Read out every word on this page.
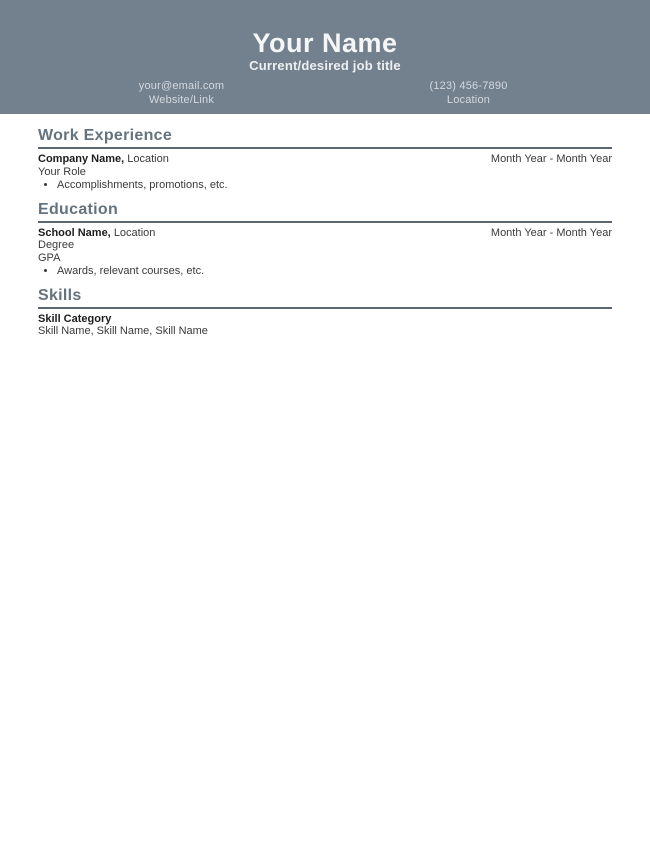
Your Name
Current/desired job title
your@email.com
Website/Link
(123) 456-7890
Location
Work Experience
Company Name, Location	Month Year - Month Year
Your Role
• Accomplishments, promotions, etc.
Education
School Name, Location	Month Year - Month Year
Degree
GPA
• Awards, relevant courses, etc.
Skills
Skill Category
Skill Name, Skill Name, Skill Name
